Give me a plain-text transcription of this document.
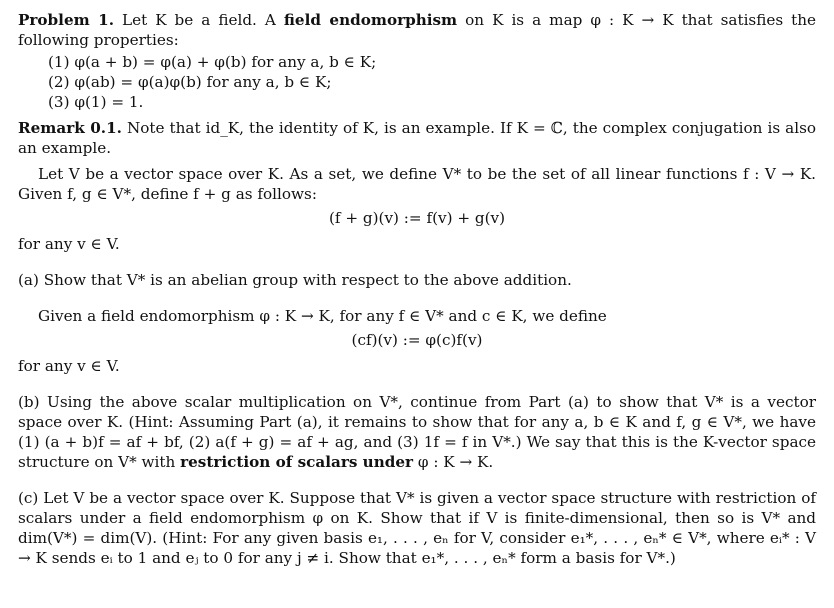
Problem 1. Let K be a field. A field endomorphism on K is a map φ : K → K that satisfies the following properties:

(1) φ(a + b) = φ(a) + φ(b) for any a, b ∈ K;
(2) φ(ab) = φ(a)φ(b) for any a, b ∈ K;
(3) φ(1) = 1.

Remark 0.1. Note that id_K, the identity of K, is an example. If K = ℂ, the complex conjugation is also an example.

Let V be a vector space over K. As a set, we define V* to be the set of all linear functions f : V → K. Given f, g ∈ V*, define f + g as follows:

(f + g)(v) := f(v) + g(v)

for any v ∈ V.

(a) Show that V* is an abelian group with respect to the above addition.

Given a field endomorphism φ : K → K, for any f ∈ V* and c ∈ K, we define

(cf)(v) := φ(c)f(v)

for any v ∈ V.

(b) Using the above scalar multiplication on V*, continue from Part (a) to show that V* is a vector space over K. (Hint: Assuming Part (a), it remains to show that for any a, b ∈ K and f, g ∈ V*, we have (1) (a + b)f = af + bf, (2) a(f + g) = af + ag, and (3) 1f = f in V*.) We say that this is the K-vector space structure on V* with restriction of scalars under φ : K → K.

(c) Let V be a vector space over K. Suppose that V* is given a vector space structure with restriction of scalars under a field endomorphism φ on K. Show that if V is finite-dimensional, then so is V* and dim(V*) = dim(V). (Hint: For any given basis e₁, . . . , eₙ for V, consider e₁*, . . . , eₙ* ∈ V*, where eᵢ* : V → K sends eᵢ to 1 and eⱼ to 0 for any j ≠ i. Show that e₁*, . . . , eₙ* form a basis for V*.)
